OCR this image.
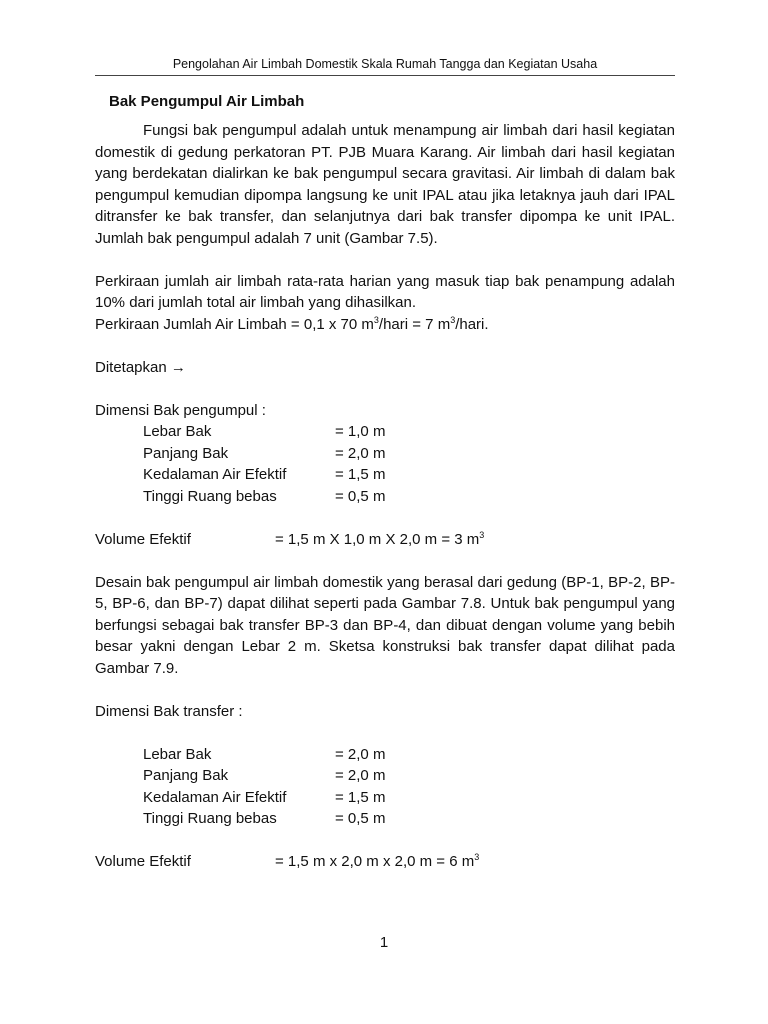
Pengolahan Air Limbah Domestik Skala Rumah Tangga dan Kegiatan Usaha

Bak Pengumpul Air Limbah

Fungsi bak pengumpul adalah untuk menampung air limbah dari hasil kegiatan domestik di gedung perkatoran PT. PJB Muara Karang. Air limbah dari hasil kegiatan yang berdekatan dialirkan ke bak pengumpul secara gravitasi. Air limbah di dalam bak pengumpul kemudian dipompa langsung ke unit IPAL atau jika letaknya jauh dari IPAL ditransfer ke bak transfer, dan selanjutnya dari bak transfer dipompa ke unit IPAL. Jumlah bak pengumpul adalah 7 unit (Gambar 7.5).

Perkiraan jumlah air limbah rata-rata harian yang masuk tiap bak penampung adalah 10% dari jumlah total air limbah yang dihasilkan.

Perkiraan Jumlah Air Limbah = 0,1 x 70 $m^3$/hari = 7 $m^3$/hari.

Ditetapkan →

Dimensi Bak pengumpul :

Lebar Bak	= 1,0 m
Panjang Bak	= 2,0 m
Kedalaman Air Efektif	= 1,5 m
Tinggi Ruang bebas	= 0,5 m
Volume Efektif	= 1,5 m X 1,0 m X 2,0 m = 3 $m^3$

Desain bak pengumpul air limbah domestik yang berasal dari gedung (BP-1, BP-2, BP-5, BP-6, dan BP-7) dapat dilihat seperti pada Gambar 7.8. Untuk bak pengumpul yang berfungsi sebagai bak transfer BP-3 dan BP-4, dan dibuat dengan volume yang bebih besar yakni dengan Lebar 2 m. Sketsa konstruksi bak transfer dapat dilihat pada Gambar 7.9.

Dimensi Bak transfer :

Lebar Bak	= 2,0 m
Panjang Bak	= 2,0 m
Kedalaman Air Efektif	= 1,5 m
Tinggi Ruang bebas	= 0,5 m
Volume Efektif	= 1,5 m x 2,0 m x 2,0 m = 6 $m^3$
1
